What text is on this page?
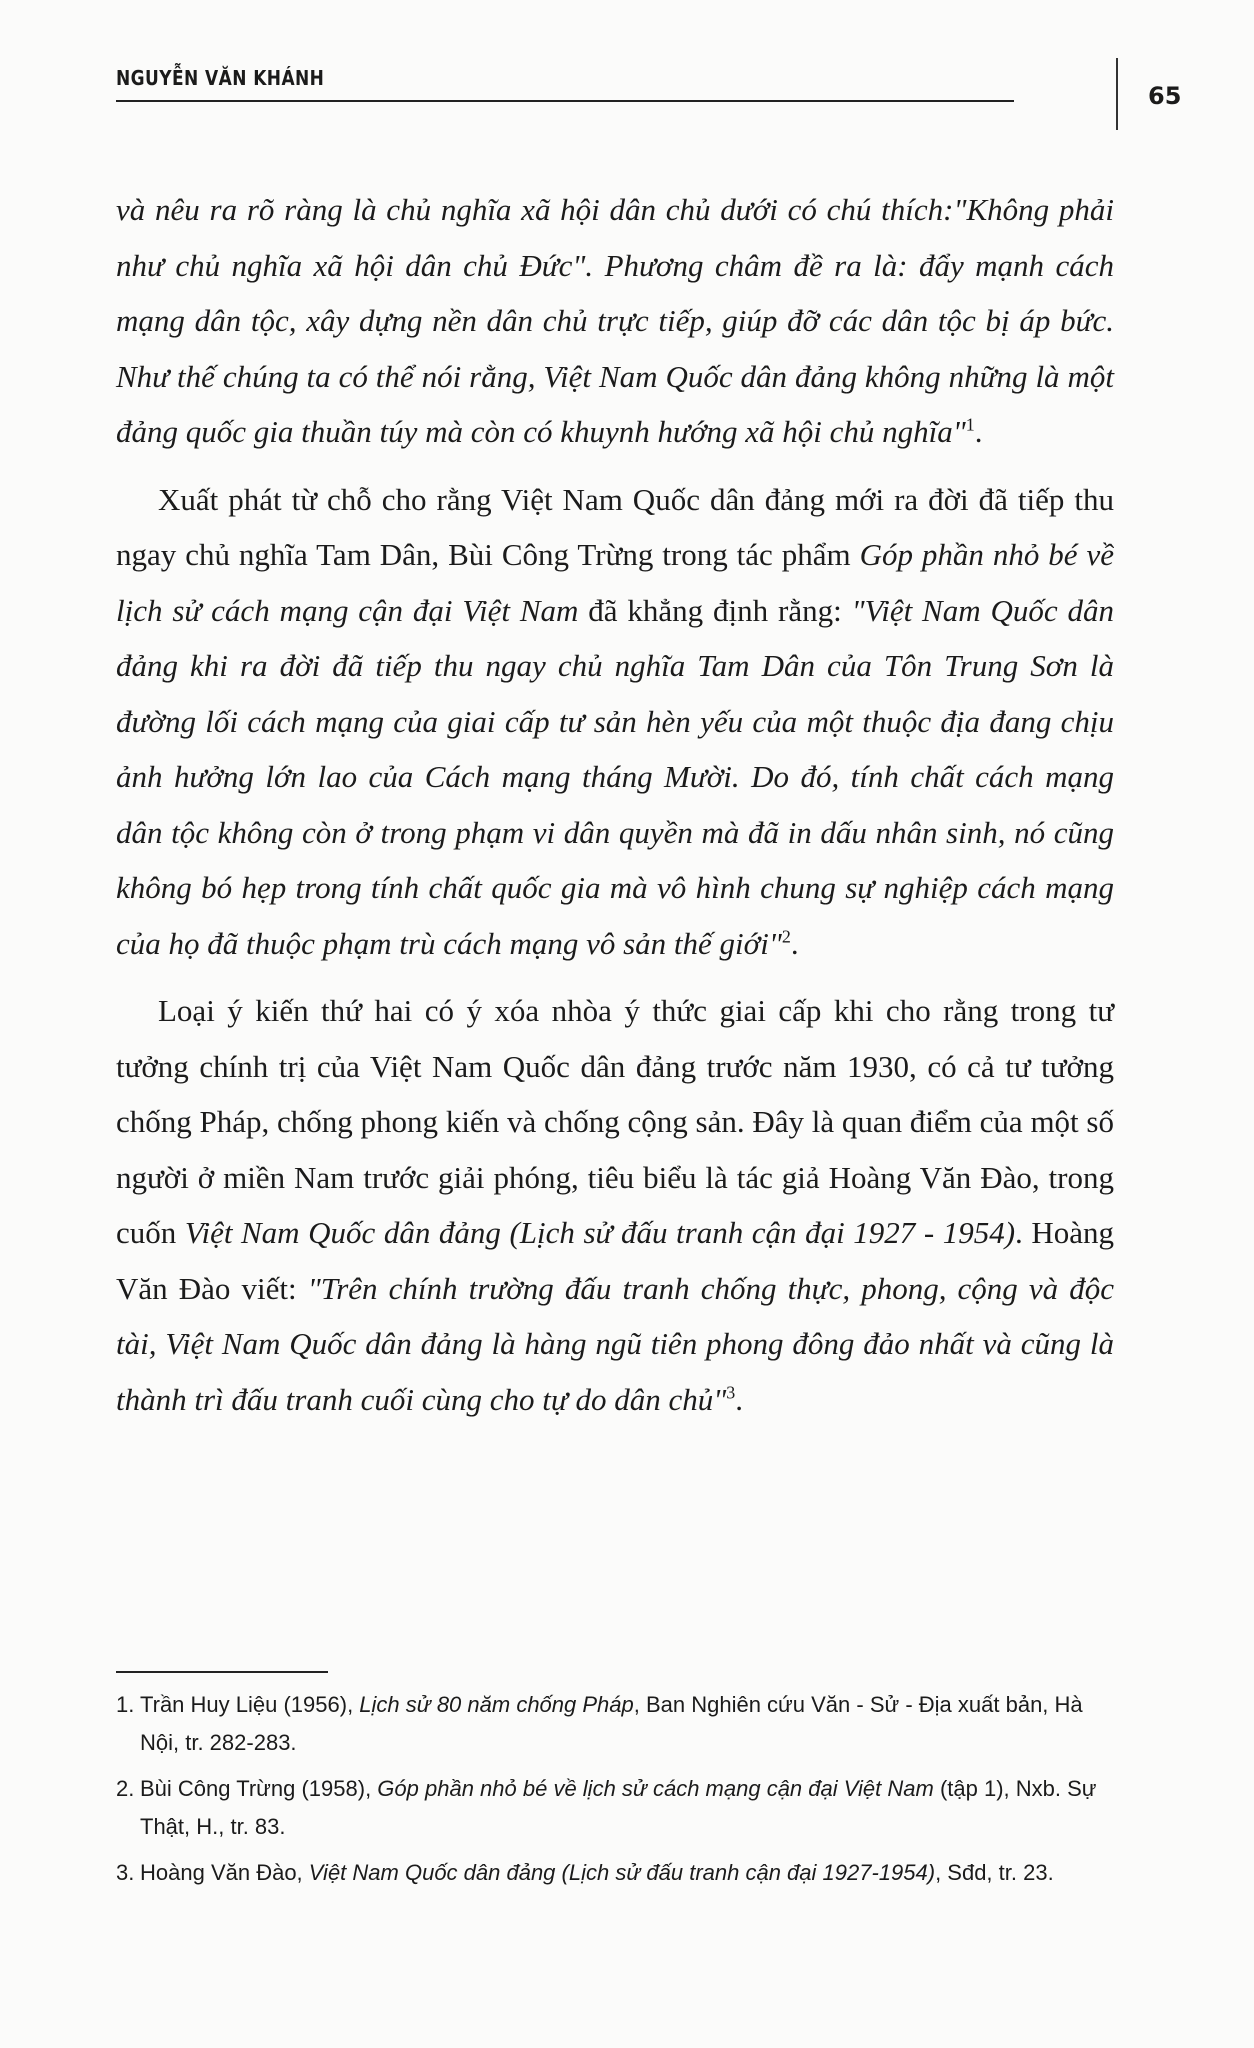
NGUYỄN VĂN KHÁNH
65

và nêu ra rõ ràng là chủ nghĩa xã hội dân chủ dưới có chú thích:"Không phải như chủ nghĩa xã hội dân chủ Đức". Phương châm đề ra là: đẩy mạnh cách mạng dân tộc, xây dựng nền dân chủ trực tiếp, giúp đỡ các dân tộc bị áp bức. Như thế chúng ta có thể nói rằng, Việt Nam Quốc dân đảng không những là một đảng quốc gia thuần túy mà còn có khuynh hướng xã hội chủ nghĩa"$^1$.

Xuất phát từ chỗ cho rằng Việt Nam Quốc dân đảng mới ra đời đã tiếp thu ngay chủ nghĩa Tam Dân, Bùi Công Trừng trong tác phẩm Góp phần nhỏ bé về lịch sử cách mạng cận đại Việt Nam đã khẳng định rằng: "Việt Nam Quốc dân đảng khi ra đời đã tiếp thu ngay chủ nghĩa Tam Dân của Tôn Trung Sơn là đường lối cách mạng của giai cấp tư sản hèn yếu của một thuộc địa đang chịu ảnh hưởng lớn lao của Cách mạng tháng Mười. Do đó, tính chất cách mạng dân tộc không còn ở trong phạm vi dân quyền mà đã in dấu nhân sinh, nó cũng không bó hẹp trong tính chất quốc gia mà vô hình chung sự nghiệp cách mạng của họ đã thuộc phạm trù cách mạng vô sản thế giới"$^2$.

Loại ý kiến thứ hai có ý xóa nhòa ý thức giai cấp khi cho rằng trong tư tưởng chính trị của Việt Nam Quốc dân đảng trước năm 1930, có cả tư tưởng chống Pháp, chống phong kiến và chống cộng sản. Đây là quan điểm của một số người ở miền Nam trước giải phóng, tiêu biểu là tác giả Hoàng Văn Đào, trong cuốn Việt Nam Quốc dân đảng (Lịch sử đấu tranh cận đại 1927 - 1954). Hoàng Văn Đào viết: "Trên chính trường đấu tranh chống thực, phong, cộng và độc tài, Việt Nam Quốc dân đảng là hàng ngũ tiên phong đông đảo nhất và cũng là thành trì đấu tranh cuối cùng cho tự do dân chủ"$^3$.

1. Trần Huy Liệu (1956), Lịch sử 80 năm chống Pháp, Ban Nghiên cứu Văn - Sử - Địa xuất bản, Hà Nội, tr. 282-283.
2. Bùi Công Trừng (1958), Góp phần nhỏ bé về lịch sử cách mạng cận đại Việt Nam (tập 1), Nxb. Sự Thật, H., tr. 83.
3. Hoàng Văn Đào, Việt Nam Quốc dân đảng (Lịch sử đấu tranh cận đại 1927-1954), Sđd, tr. 23.
